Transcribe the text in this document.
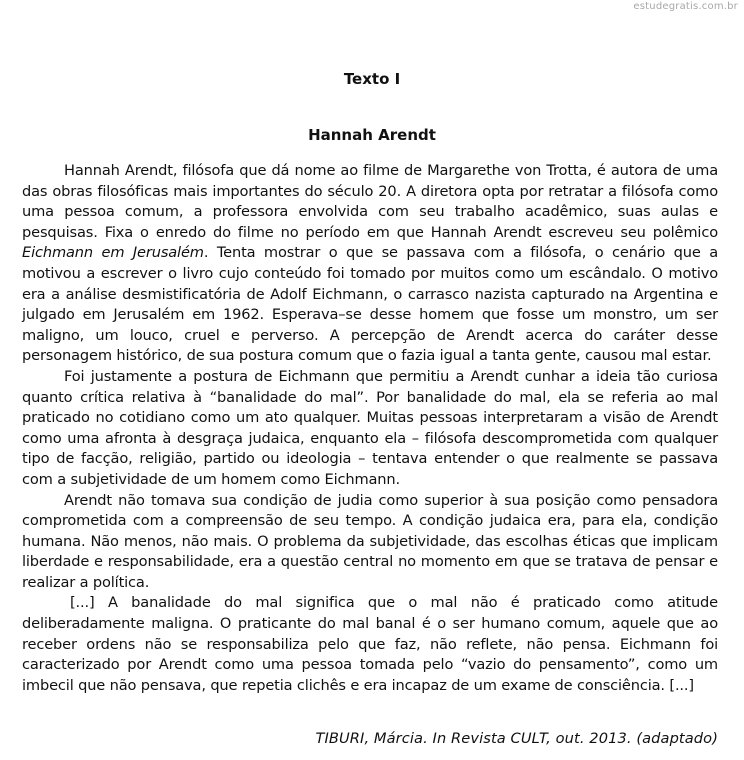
estudegratis.com.br
Texto I
Hannah Arendt

Hannah Arendt, filósofa que dá nome ao filme de Margarethe von Trotta, é autora de uma das obras filosóficas mais importantes do século 20. A diretora opta por retratar a filósofa como uma pessoa comum, a professora envolvida com seu trabalho acadêmico, suas aulas e pesquisas. Fixa o enredo do filme no período em que Hannah Arendt escreveu seu polêmico Eichmann em Jerusalém. Tenta mostrar o que se passava com a filósofa, o cenário que a motivou a escrever o livro cujo conteúdo foi tomado por muitos como um escândalo. O motivo era a análise desmistificatória de Adolf Eichmann, o carrasco nazista capturado na Argentina e julgado em Jerusalém em 1962. Esperava–se desse homem que fosse um monstro, um ser maligno, um louco, cruel e perverso. A percepção de Arendt acerca do caráter desse personagem histórico, de sua postura comum que o fazia igual a tanta gente, causou mal estar.

Foi justamente a postura de Eichmann que permitiu a Arendt cunhar a ideia tão curiosa quanto crítica relativa à “banalidade do mal”. Por banalidade do mal, ela se referia ao mal praticado no cotidiano como um ato qualquer. Muitas pessoas interpretaram a visão de Arendt como uma afronta à desgraça judaica, enquanto ela – filósofa descomprometida com qualquer tipo de facção, religião, partido ou ideologia – tentava entender o que realmente se passava com a subjetividade de um homem como Eichmann.

Arendt não tomava sua condição de judia como superior à sua posição como pensadora comprometida com a compreensão de seu tempo. A condição judaica era, para ela, condição humana. Não menos, não mais. O problema da subjetividade, das escolhas éticas que implicam liberdade e responsabilidade, era a questão central no momento em que se tratava de pensar e realizar a política.

[...] A banalidade do mal significa que o mal não é praticado como atitude deliberadamente maligna. O praticante do mal banal é o ser humano comum, aquele que ao receber ordens não se responsabiliza pelo que faz, não reflete, não pensa. Eichmann foi caracterizado por Arendt como uma pessoa tomada pelo “vazio do pensamento”, como um imbecil que não pensava, que repetia clichês e era incapaz de um exame de consciência. [...]

TIBURI, Márcia. In Revista CULT, out. 2013. (adaptado)
